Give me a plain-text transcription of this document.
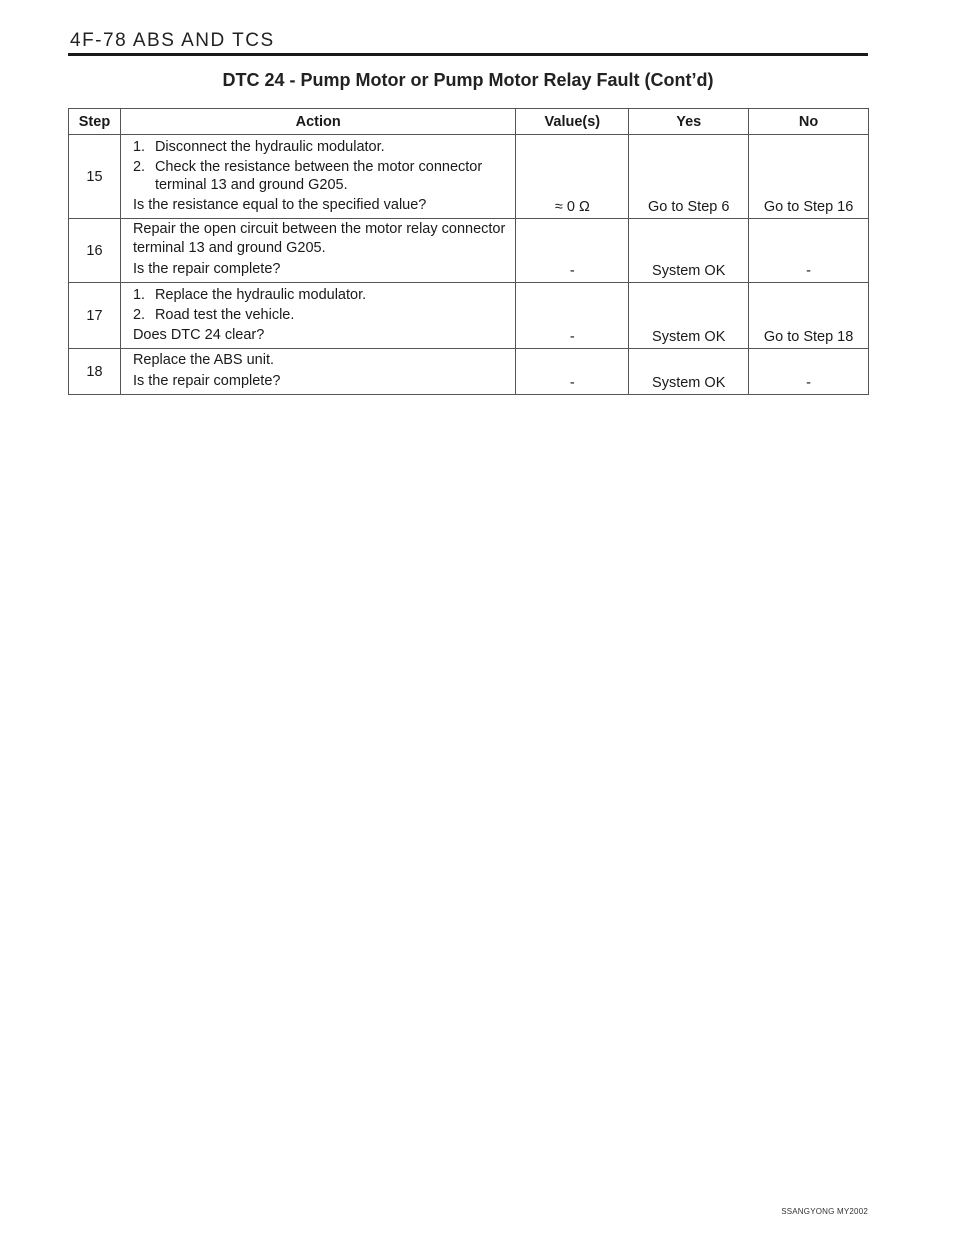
4F-78 ABS AND TCS
DTC 24 - Pump Motor or Pump Motor Relay Fault (Cont’d)
Step	Action	Value(s)	Yes	No
15	1. Disconnect the hydraulic modulator.
2. Check the resistance between the motor connector terminal 13 and ground G205.
Is the resistance equal to the specified value?	≈ 0 Ω	Go to Step 6	Go to Step 16
16	Repair the open circuit between the motor relay connector terminal 13 and ground G205.
Is the repair complete?	-	System OK	-
17	1. Replace the hydraulic modulator.
2. Road test the vehicle.
Does DTC 24 clear?	-	System OK	Go to Step 18
18	Replace the ABS unit.
Is the repair complete?	-	System OK	-
SSANGYONG MY2002
